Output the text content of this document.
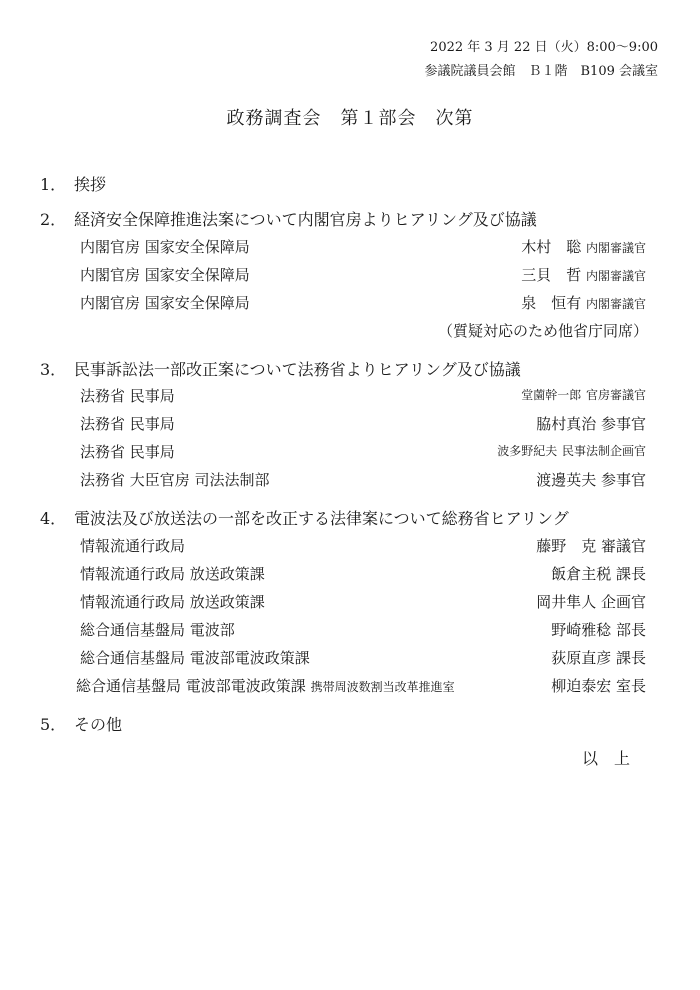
2022 年 3 月 22 日（火）8:00～9:00
参議院議員会館　Ｂ１階　B109 会議室
政務調査会　第１部会　次第
1． 挨拶
2． 経済安全保障推進法案について内閣官房よりヒアリング及び協議
内閣官房 国家安全保障局	木村　聡 内閣審議官
内閣官房 国家安全保障局	三貝　哲 内閣審議官
内閣官房 国家安全保障局	泉　恒有 内閣審議官
（質疑対応のため他省庁同席）
3． 民事訴訟法一部改正案について法務省よりヒアリング及び協議
法務省 民事局	堂薗幹一郎 官房審議官
法務省 民事局	脇村真治 参事官
法務省 民事局	波多野紀夫 民事法制企画官
法務省 大臣官房 司法法制部	渡邊英夫 参事官
4． 電波法及び放送法の一部を改正する法律案について総務省ヒアリング
情報流通行政局	藤野　克 審議官
情報流通行政局 放送政策課	飯倉主税 課長
情報流通行政局 放送政策課	岡井隼人 企画官
総合通信基盤局 電波部	野崎雅稔 部長
総合通信基盤局 電波部電波政策課	荻原直彦 課長
総合通信基盤局 電波部電波政策課 携帯周波数割当改革推進室	柳迫泰宏 室長
5． その他
以上
